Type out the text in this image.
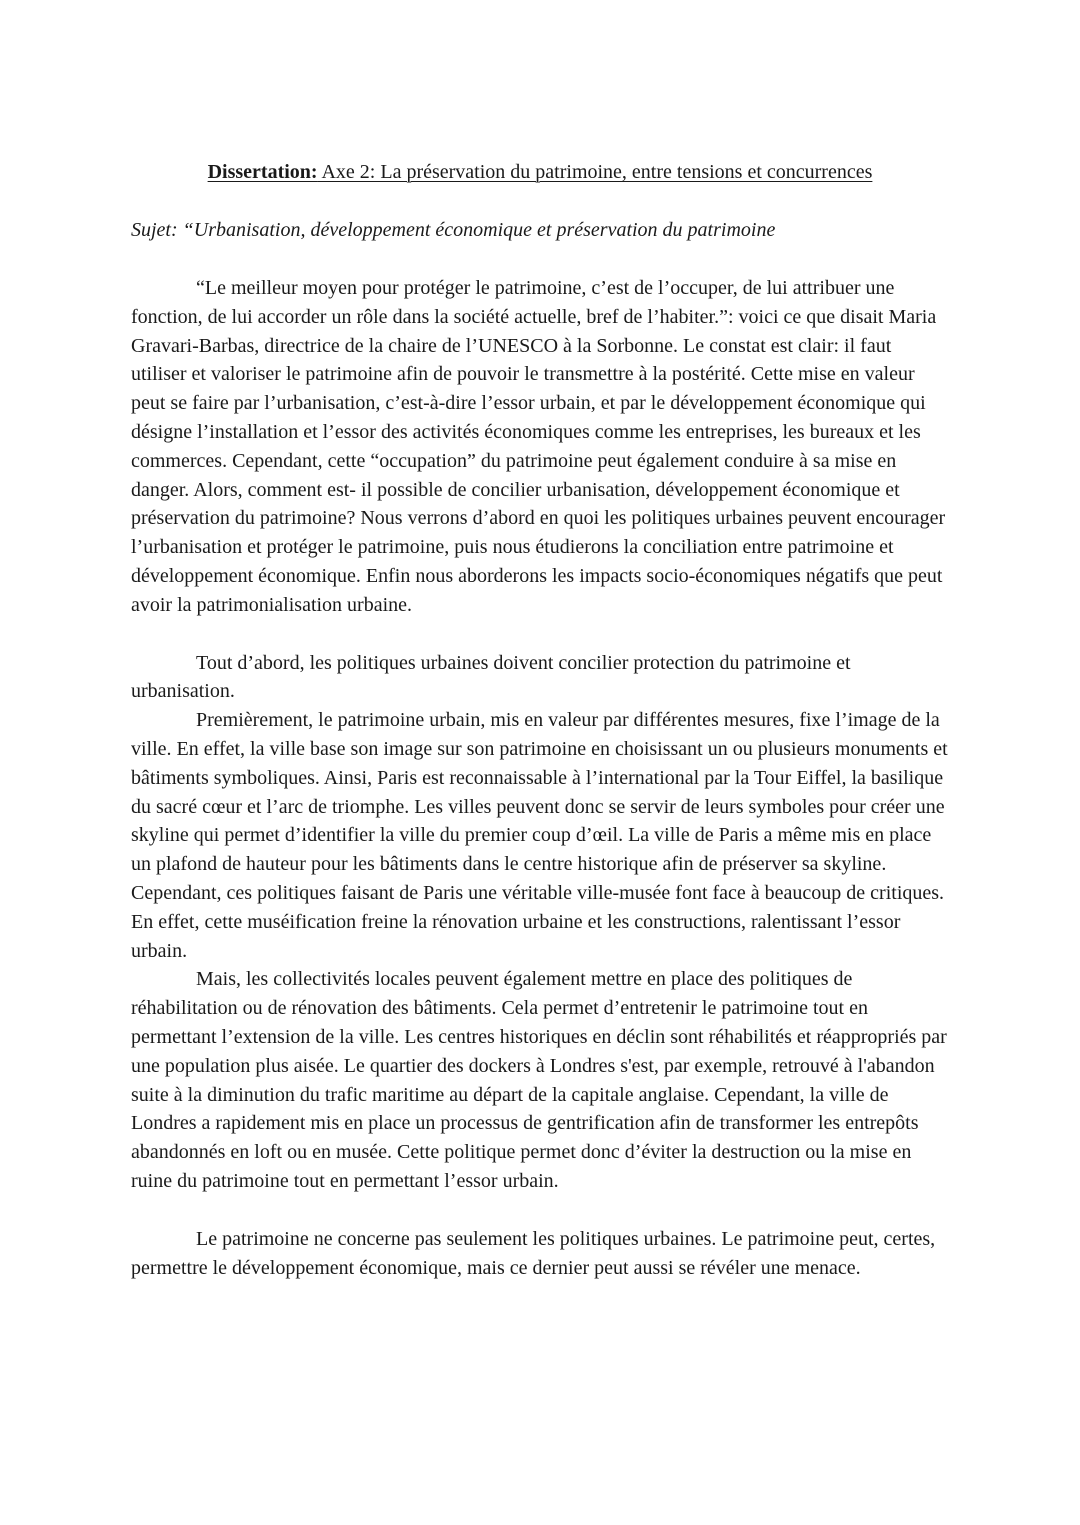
Dissertation: Axe 2: La préservation du patrimoine, entre tensions et concurrences

Sujet: “Urbanisation, développement économique et préservation du patrimoine

“Le meilleur moyen pour protéger le patrimoine, c’est de l’occuper, de lui attribuer une fonction, de lui accorder un rôle dans la société actuelle, bref de l’habiter.”: voici ce que disait Maria Gravari-Barbas, directrice de la chaire de l’UNESCO à la Sorbonne. Le constat est clair: il faut utiliser et valoriser le patrimoine afin de pouvoir le transmettre à la postérité. Cette mise en valeur peut se faire par l’urbanisation, c’est-à-dire l’essor urbain, et par le développement économique qui désigne l’installation et l’essor des activités économiques comme les entreprises, les bureaux et les commerces. Cependant, cette “occupation” du patrimoine peut également conduire à sa mise en danger. Alors, comment est- il possible de concilier urbanisation, développement économique et préservation du patrimoine? Nous verrons d’abord en quoi les politiques urbaines peuvent encourager l’urbanisation et protéger le patrimoine, puis nous étudierons la conciliation entre patrimoine et développement économique. Enfin nous aborderons les impacts socio-économiques négatifs que peut avoir la patrimonialisation urbaine.

Tout d’abord, les politiques urbaines doivent concilier protection du patrimoine et urbanisation.

Premièrement, le patrimoine urbain, mis en valeur par différentes mesures, fixe l’image de la ville. En effet, la ville base son image sur son patrimoine en choisissant un ou plusieurs monuments et bâtiments symboliques. Ainsi, Paris est reconnaissable à l’international par la Tour Eiffel, la basilique du sacré cœur et l’arc de triomphe. Les villes peuvent donc se servir de leurs symboles pour créer une skyline qui permet d’identifier la ville du premier coup d’œil. La ville de Paris a même mis en place un plafond de hauteur pour les bâtiments dans le centre historique afin de préserver sa skyline. Cependant, ces politiques faisant de Paris une véritable ville-musée font face à beaucoup de critiques. En effet, cette muséification freine la rénovation urbaine et les constructions, ralentissant l’essor urbain.

Mais, les collectivités locales peuvent également mettre en place des politiques de réhabilitation ou de rénovation des bâtiments. Cela permet d’entretenir le patrimoine tout en permettant l’extension de la ville. Les centres historiques en déclin sont réhabilités et réappropriés par une population plus aisée. Le quartier des dockers à Londres s'est, par exemple, retrouvé à l'abandon suite à la diminution du trafic maritime au départ de la capitale anglaise. Cependant, la ville de Londres a rapidement mis en place un processus de gentrification afin de transformer les entrepôts abandonnés en loft ou en musée. Cette politique permet donc d’éviter la destruction ou la mise en ruine du patrimoine tout en permettant l’essor urbain.

Le patrimoine ne concerne pas seulement les politiques urbaines. Le patrimoine peut, certes, permettre le développement économique, mais ce dernier peut aussi se révéler une menace.
